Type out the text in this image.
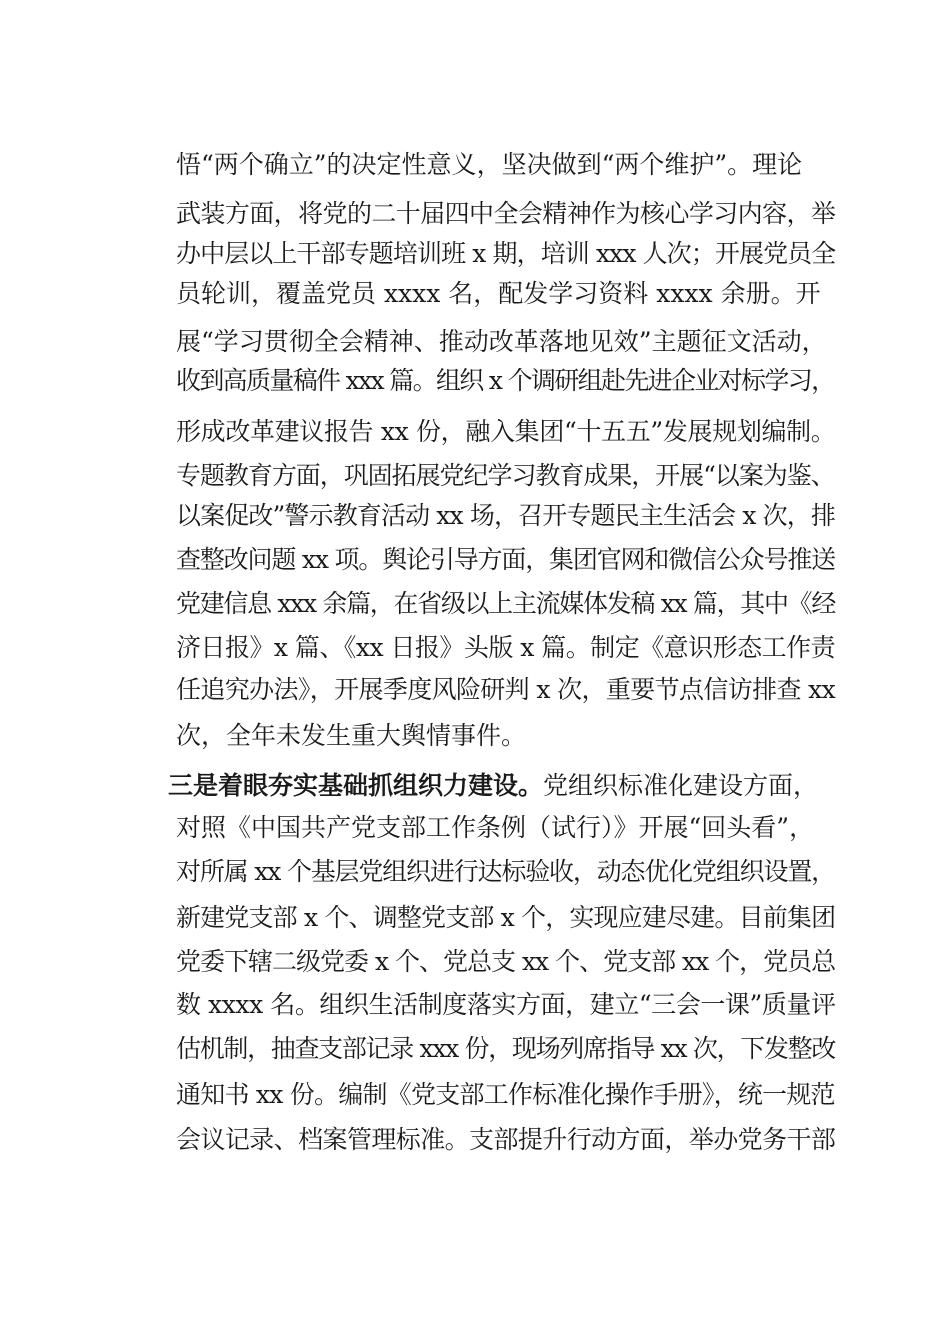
悟“两个确立”的决定性意义，坚决做到“两个维护”。理论
武装方面，将党的二十届四中全会精神作为核心学习内容，举
办中层以上干部专题培训班 x 期，培训 xxx 人次；开展党员全
员轮训，覆盖党员 xxxx 名，配发学习资料 xxxx 余册。开
展“学习贯彻全会精神、推动改革落地见效”主题征文活动，
收到高质量稿件 xxx 篇。组织 x 个调研组赴先进企业对标学习，
形成改革建议报告 xx 份，融入集团“十五五”发展规划编制。
专题教育方面，巩固拓展党纪学习教育成果，开展“以案为鉴、
以案促改”警示教育活动 xx 场，召开专题民主生活会 x 次，排
查整改问题 xx 项。舆论引导方面，集团官网和微信公众号推送
党建信息 xxx 余篇，在省级以上主流媒体发稿 xx 篇，其中《经
济日报》x 篇、《xx 日报》头版 x 篇。制定《意识形态工作责
任追究办法》，开展季度风险研判 x 次，重要节点信访排查 xx
次，全年未发生重大舆情事件。
三是着眼夯实基础抓组织力建设。党组织标准化建设方面，
对照《中国共产党支部工作条例（试行）》开展“回头看”，
对所属 xx 个基层党组织进行达标验收，动态优化党组织设置，
新建党支部 x 个、调整党支部 x 个，实现应建尽建。目前集团
党委下辖二级党委 x 个、党总支 xx 个、党支部 xx 个，党员总
数 xxxx 名。组织生活制度落实方面，建立“三会一课”质量评
估机制，抽查支部记录 xxx 份，现场列席指导 xx 次，下发整改
通知书 xx 份。编制《党支部工作标准化操作手册》，统一规范
会议记录、档案管理标准。支部提升行动方面，举办党务干部
